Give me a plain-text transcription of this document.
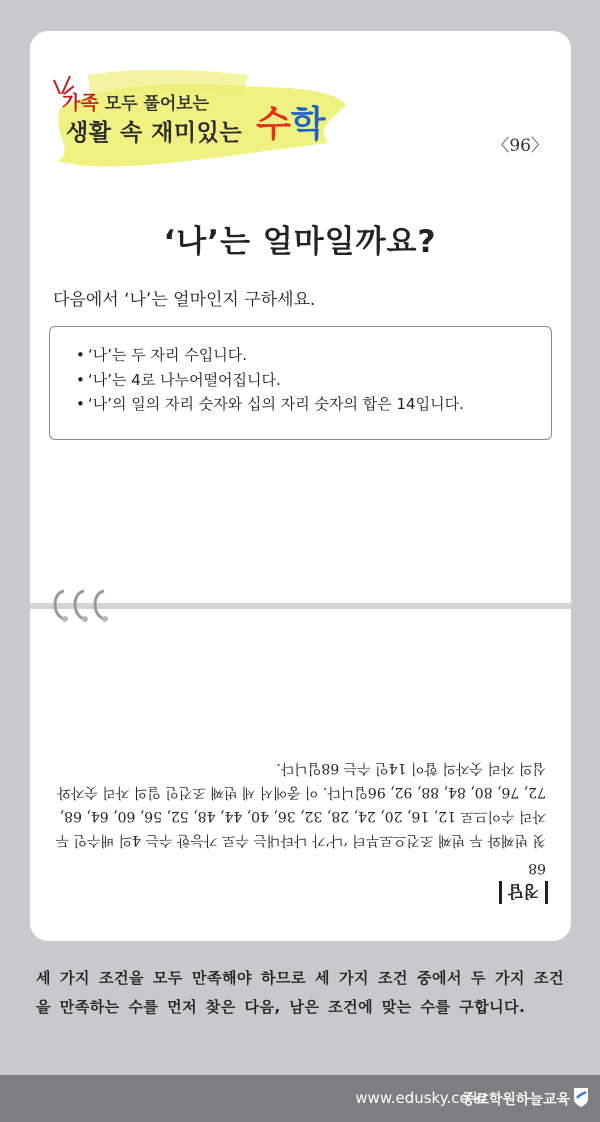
가족 모두 풀어보는
생활 속 재미있는 수학
〈96〉
‘나’는 얼마일까요?
다음에서 ‘나’는 얼마인지 구하세요.
• ‘나’는 두 자리 수입니다.
• ‘나’는 4로 나누어떨어집니다.
• ‘나’의 일의 자리 숫자와 십의 자리 숫자의 합은 14입니다.
정답
68
첫 번째와 두 번째 조건으로부터 ‘나’가 나타내는 수로 가능한 수는 4의 배수인 두 자리 수이므로 12, 16, 20, 24, 28, 32, 36, 40, 44, 48, 52, 56, 60, 64, 68, 72, 76, 80, 84, 88, 92, 96입니다. 이 중에서 세 번째 조건인 일의 자리 숫자와 십의 자리 숫자의 합이 14인 수는 68입니다.
세 가지 조건을 모두 만족해야 하므로 세 가지 조건 중에서 두 가지 조건을 만족하는 수를 먼저 찾은 다음, 남은 조건에 맞는 수를 구합니다.
www.edusky.co.kr
종로학원하늘교육
